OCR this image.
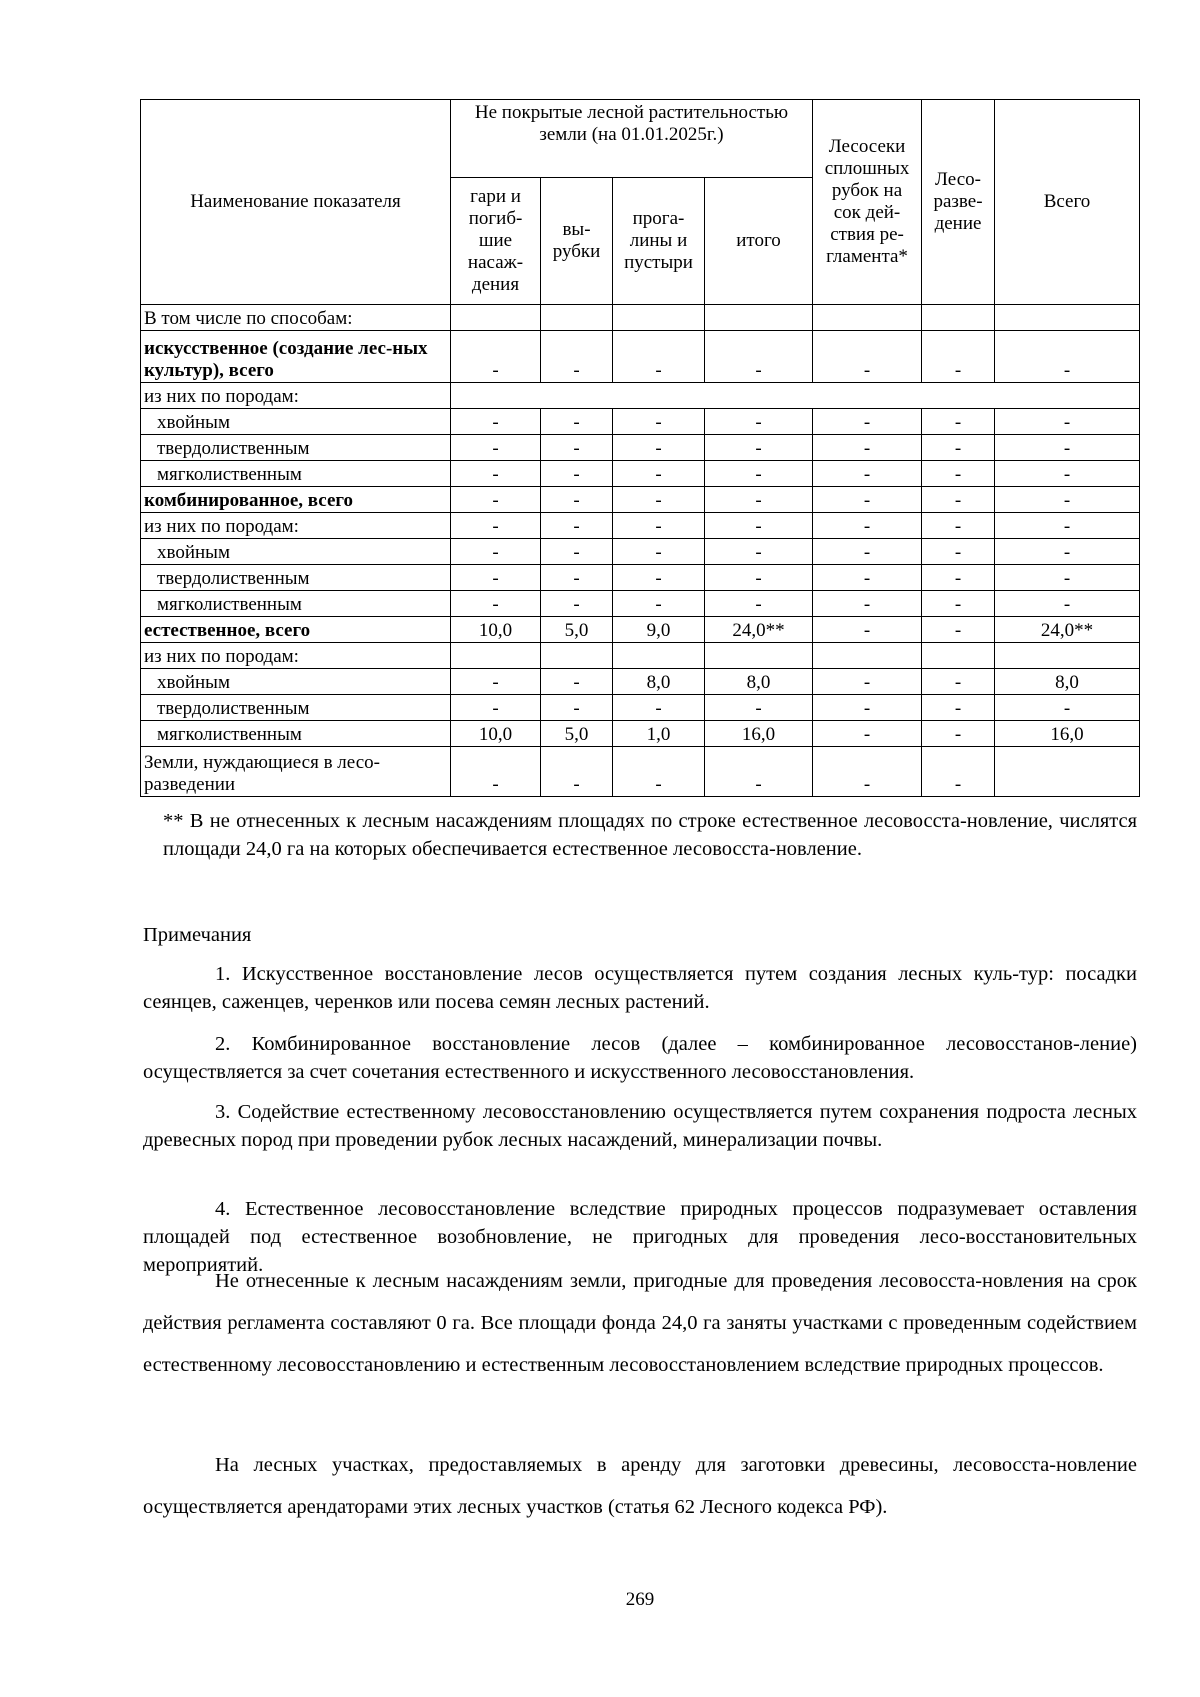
Наименование показателя	Не покрытые лесной растительностью земли (на 01.01.2025г.)				Лесосеки сплошных рубок на сок дей-ствия ре-гламента*	Лесо-разве-дение	Всего
	гари и погиб-шие насаж-дения	вы-рубки	прога-лины и пустыри	итого			
В том числе по способам:							
искусственное (создание лес-ных культур), всего	-	-	-	-	-	-	-
из них по породам:							
хвойным	-	-	-	-	-	-	-
твердолиственным	-	-	-	-	-	-	-
мягколиственным	-	-	-	-	-	-	-
комбинированное, всего	-	-	-	-	-	-	-
из них по породам:	-	-	-	-	-	-	-
хвойным	-	-	-	-	-	-	-
твердолиственным	-	-	-	-	-	-	-
мягколиственным	-	-	-	-	-	-	-
естественное, всего	10,0	5,0	9,0	24,0**	-	-	24,0**
из них по породам:							
хвойным	-	-	8,0	8,0	-	-	8,0
твердолиственным	-	-	-	-	-	-	-
мягколиственным	10,0	5,0	1,0	16,0	-	-	16,0
Земли, нуждающиеся в лесо-разведении	-	-	-	-	-	-	
** В не отнесенных к лесным насаждениям площадях по строке естественное лесовосста-новление, числятся площади 24,0 га на которых обеспечивается естественное лесовосста-новление.
Примечания
1. Искусственное восстановление лесов осуществляется путем создания лесных куль-тур: посадки сеянцев, саженцев, черенков или посева семян лесных растений.
2. Комбинированное восстановление лесов (далее – комбинированное лесовосстанов-ление) осуществляется за счет сочетания естественного и искусственного лесовосстановления.
3. Содействие естественному лесовосстановлению осуществляется путем сохранения подроста лесных древесных пород при проведении рубок лесных насаждений, минерализации почвы.
4. Естественное лесовосстановление вследствие природных процессов подразумевает оставления площадей под естественное возобновление, не пригодных для проведения лесо-восстановительных мероприятий.
Не отнесенные к лесным насаждениям земли, пригодные для проведения лесовосста-новления на срок действия регламента составляют 0 га. Все площади фонда 24,0 га заняты участками с проведенным содействием естественному лесовосстановлению и естественным лесовосстановлением вследствие природных процессов.
На лесных участках, предоставляемых в аренду для заготовки древесины, лесовосста-новление осуществляется арендаторами этих лесных участков (статья 62 Лесного кодекса РФ).
269
